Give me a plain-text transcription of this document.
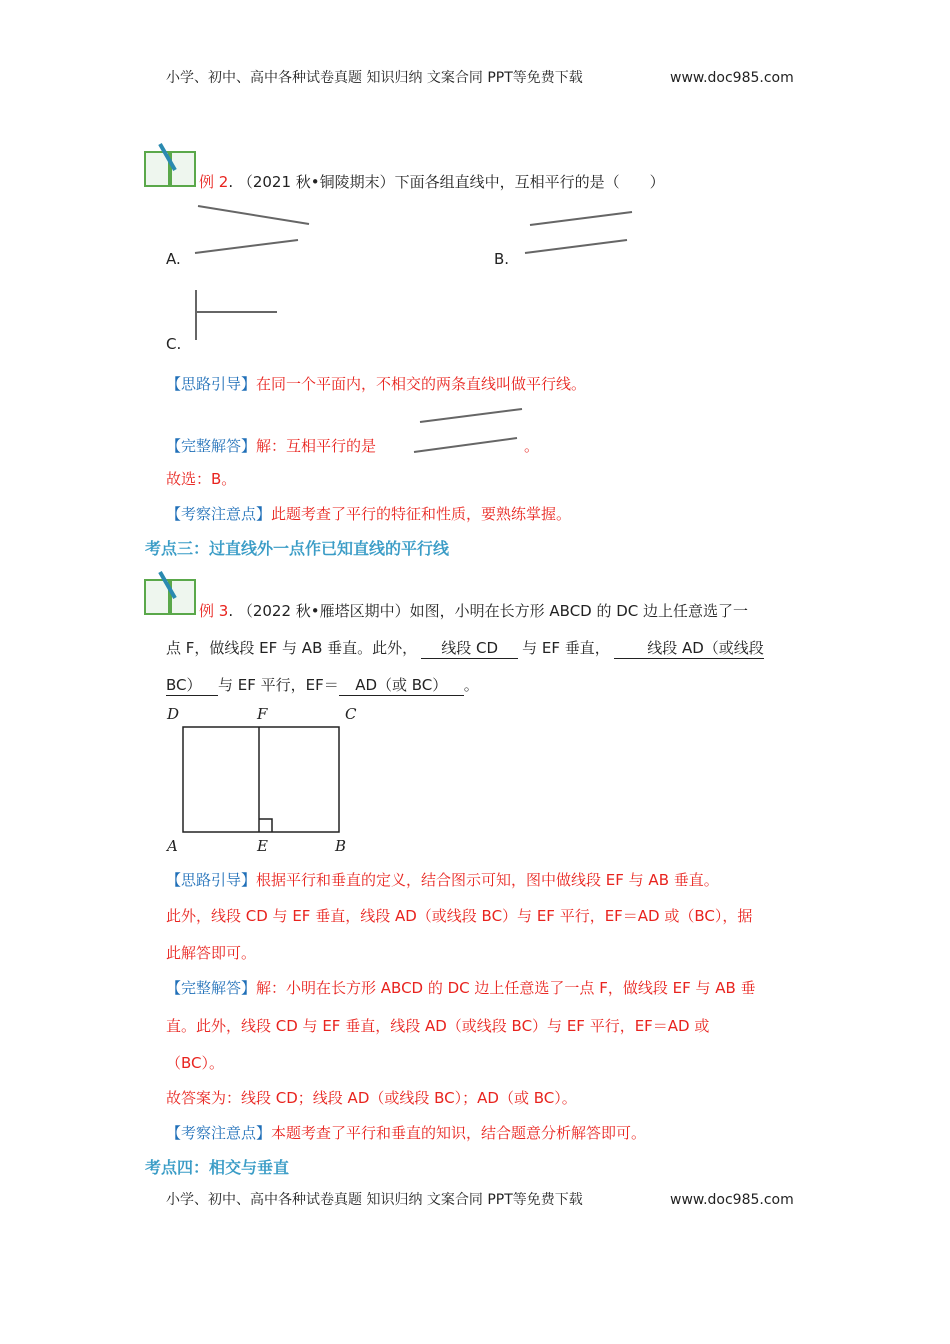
小学、初中、高中各种试卷真题 知识归纳 文案合同 PPT等免费下载	www.doc985.com
例 2. （2021 秋•铜陵期末）下面各组直线中，互相平行的是（　　）
A.	B.
C.
【思路引导】在同一个平面内，不相交的两条直线叫做平行线。
【完整解答】解：互相平行的是	。
故选：B。
【考察注意点】此题考查了平行的特征和性质，要熟练掌握。
考点三：过直线外一点作已知直线的平行线
例 3. （2022 秋•雁塔区期中）如图，小明在长方形 ABCD 的 DC 边上任意选了一
点 F，做线段 EF 与 AB 垂直。此外， 线段 CD 与 EF 垂直， 线段 AD（或线段
BC） 与 EF 平行，EF＝ AD（或 BC） 。
D	F	C
A	E	B
【思路引导】根据平行和垂直的定义，结合图示可知，图中做线段 EF 与 AB 垂直。
此外，线段 CD 与 EF 垂直，线段 AD（或线段 BC）与 EF 平行，EF＝AD 或（BC），据
此解答即可。
【完整解答】解：小明在长方形 ABCD 的 DC 边上任意选了一点 F，做线段 EF 与 AB 垂
直。此外，线段 CD 与 EF 垂直，线段 AD（或线段 BC）与 EF 平行，EF＝AD 或
（BC）。
故答案为：线段 CD；线段 AD（或线段 BC）；AD（或 BC）。
【考察注意点】本题考查了平行和垂直的知识，结合题意分析解答即可。
考点四：相交与垂直
小学、初中、高中各种试卷真题 知识归纳 文案合同 PPT等免费下载	www.doc985.com
